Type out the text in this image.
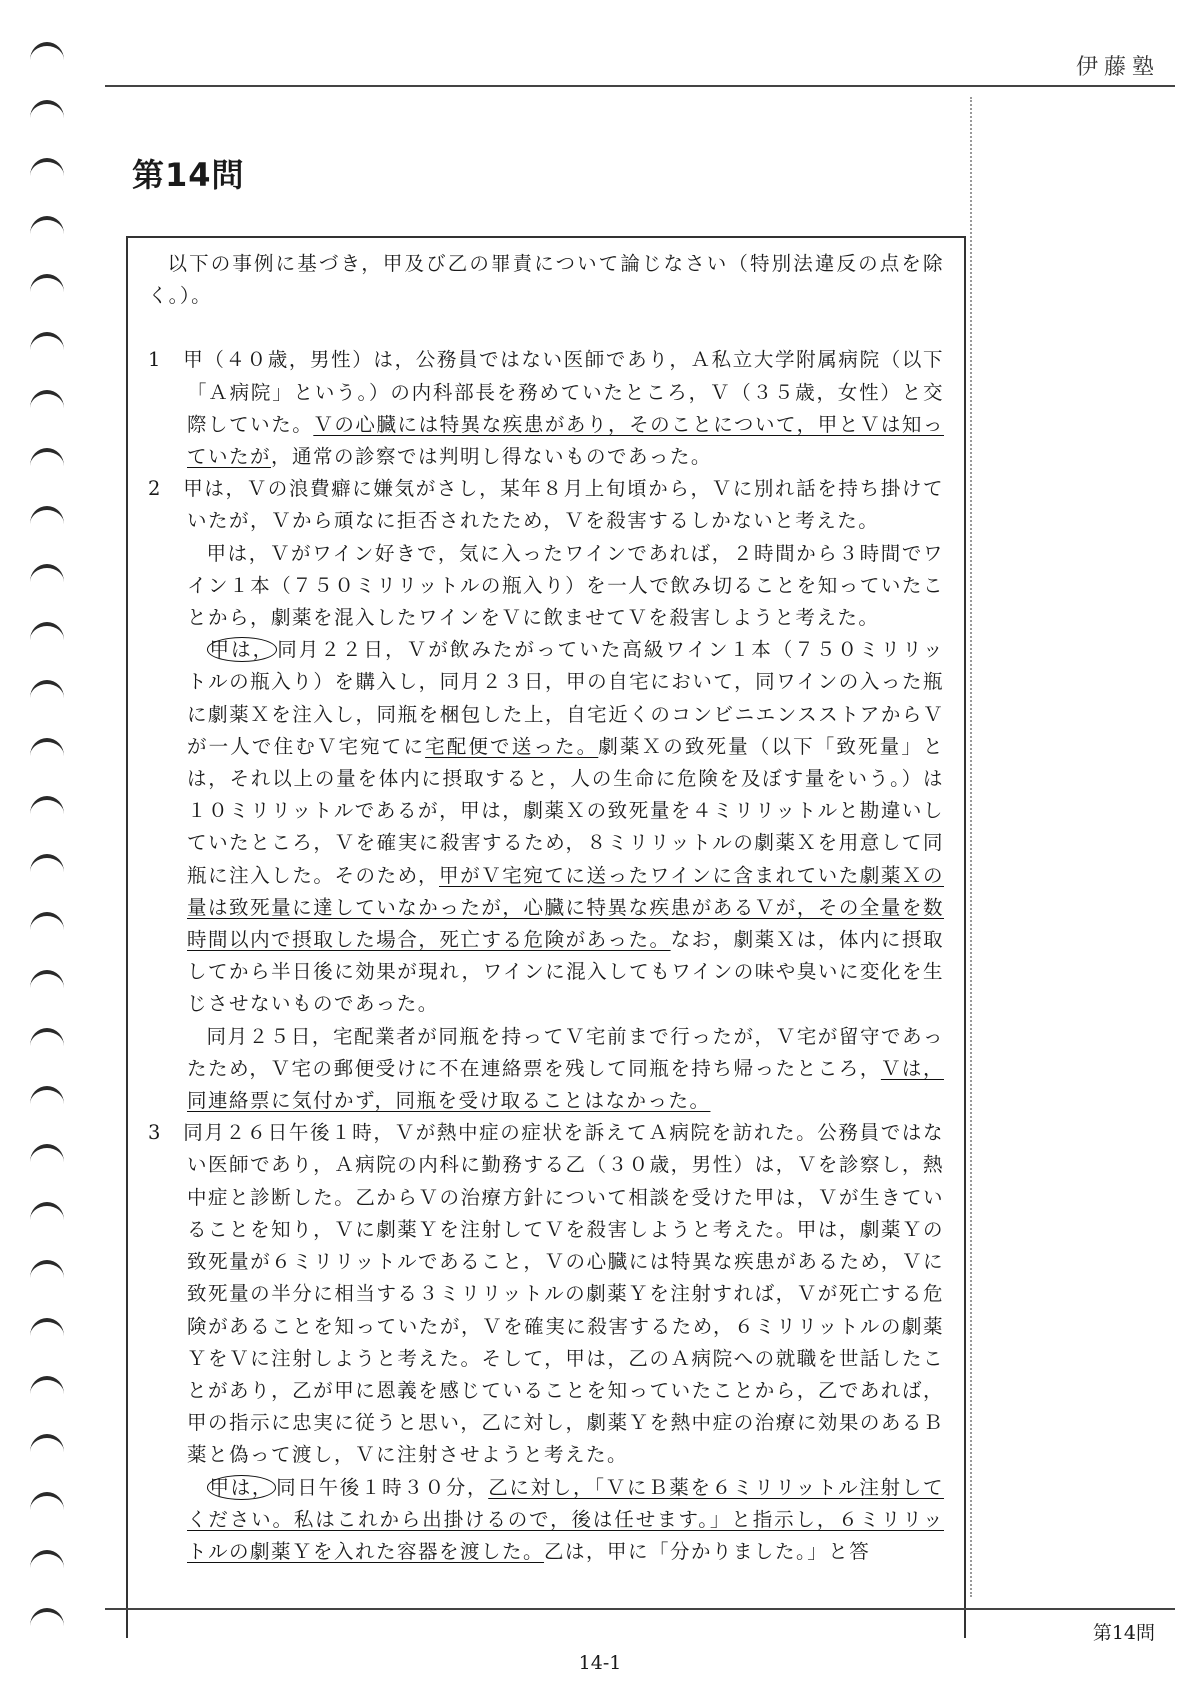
伊藤塾
第14問

以下の事例に基づき，甲及び乙の罪責について論じなさい（特別法違反の点を除く。）。

1　 甲（４０歳，男性）は，公務員ではない医師であり，Ａ私立大学附属病院（以下「Ａ病院」という。）の内科部長を務めていたところ，Ｖ（３５歳，女性）と交際していた。Ｖの心臓には特異な疾患があり，そのことについて，甲とＶは知っていたが，通常の診察では判明し得ないものであった。

2　 甲は，Ｖの浪費癖に嫌気がさし，某年８月上旬頃から，Ｖに別れ話を持ち掛けていたが，Ｖから頑なに拒否されたため，Ｖを殺害するしかないと考えた。

甲は，Ｖがワイン好きで，気に入ったワインであれば，２時間から３時間でワイン１本（７５０ミリリットルの瓶入り）を一人で飲み切ることを知っていたことから，劇薬を混入したワインをＶに飲ませてＶを殺害しようと考えた。

甲は， 同月２２日，Ｖが飲みたがっていた高級ワイン１本（７５０ミリリットルの瓶入り）を購入し，同月２３日，甲の自宅において，同ワインの入った瓶に劇薬Ｘを注入し，同瓶を梱包した上，自宅近くのコンビニエンスストアからＶが一人で住むＶ宅宛てに宅配便で送った。劇薬Ｘの致死量（以下「致死量」とは，それ以上の量を体内に摂取すると，人の生命に危険を及ぼす量をいう。）は１０ミリリットルであるが，甲は，劇薬Ｘの致死量を４ミリリットルと勘違いしていたところ，Ｖを確実に殺害するため，８ミリリットルの劇薬Ｘを用意して同瓶に注入した。そのため，甲がＶ宅宛てに送ったワインに含まれていた劇薬Ｘの量は致死量に達していなかったが，心臓に特異な疾患があるＶが，その全量を数時間以内で摂取した場合，死亡する危険があった。なお，劇薬Ｘは，体内に摂取してから半日後に効果が現れ，ワインに混入してもワインの味や臭いに変化を生じさせないものであった。

同月２５日，宅配業者が同瓶を持ってＶ宅前まで行ったが，Ｖ宅が留守であったため，Ｖ宅の郵便受けに不在連絡票を残して同瓶を持ち帰ったところ，Ｖは，同連絡票に気付かず，同瓶を受け取ることはなかった。

3　 同月２６日午後１時，Ｖが熱中症の症状を訴えてＡ病院を訪れた。公務員ではない医師であり，Ａ病院の内科に勤務する乙（３０歳，男性）は，Ｖを診察し，熱中症と診断した。乙からＶの治療方針について相談を受けた甲は，Ｖが生きていることを知り，Ｖに劇薬Ｙを注射してＶを殺害しようと考えた。甲は，劇薬Ｙの致死量が６ミリリットルであること，Ｖの心臓には特異な疾患があるため，Ｖに致死量の半分に相当する３ミリリットルの劇薬Ｙを注射すれば，Ｖが死亡する危険があることを知っていたが，Ｖを確実に殺害するため，６ミリリットルの劇薬ＹをＶに注射しようと考えた。そして，甲は，乙のＡ病院への就職を世話したことがあり，乙が甲に恩義を感じていることを知っていたことから，乙であれば，甲の指示に忠実に従うと思い，乙に対し，劇薬Ｙを熱中症の治療に効果のあるＢ薬と偽って渡し，Ｖに注射させようと考えた。

甲は， 同日午後１時３０分，乙に対し，「ＶにＢ薬を６ミリリットル注射してください。私はこれから出掛けるので，後は任せます。」と指示し，６ミリリットルの劇薬Ｙを入れた容器を渡した。乙は，甲に「分かりました。」と答

第14問
14-1
